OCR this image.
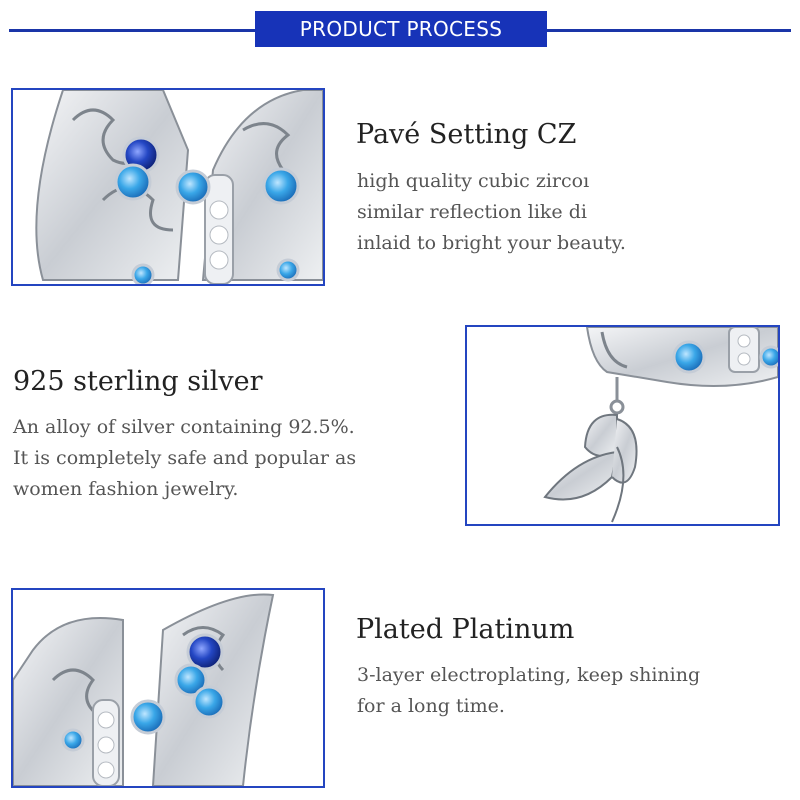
PRODUCT PROCESS
Pavé Setting CZ
high quality cubic zircoı
similar reflection like di
inlaid to bright your beauty.
925 sterling silver
An alloy of silver containing 92.5%.
It is completely safe and popular as
women fashion jewelry.
Plated Platinum
3-layer electroplating, keep shining
for a long time.
